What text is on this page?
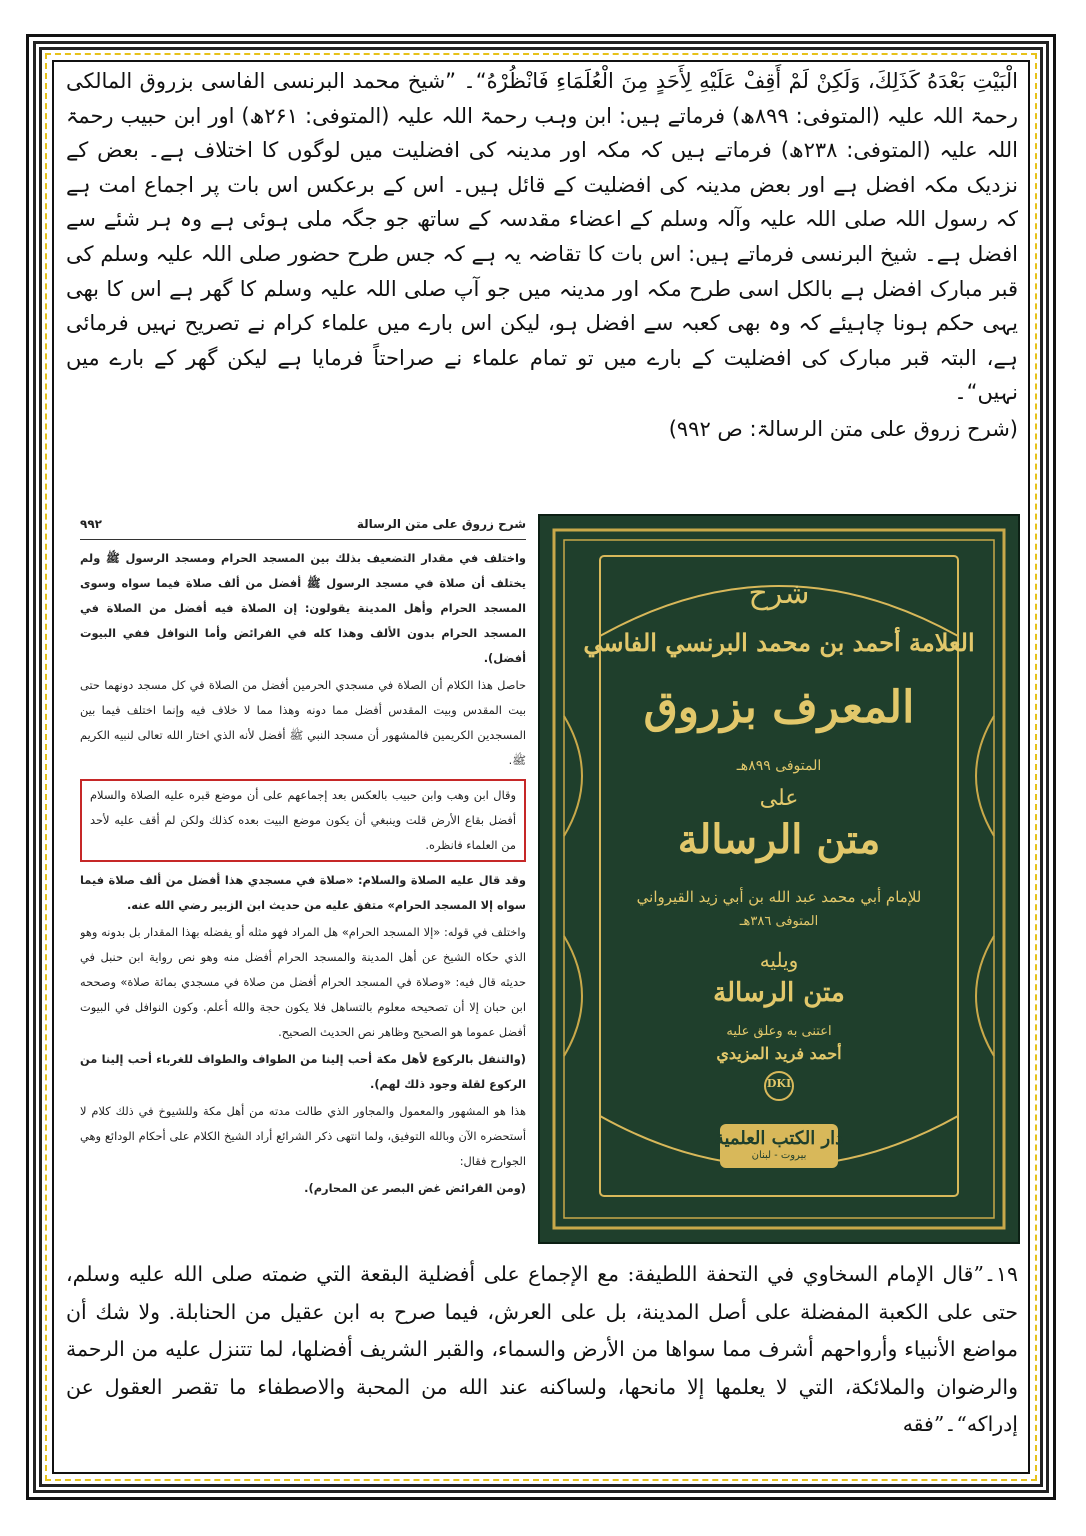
الْبَيْتِ بَعْدَهُ كَذَلِكَ، وَلَكِنْ لَمْ أَقِفْ عَلَيْهِ لِأَحَدٍ مِنَ الْعُلَمَاءِ فَانْظُرْهُ“۔ ”شیخ محمد البرنسی الفاسی بزروق المالکی رحمۃ اللہ علیہ (المتوفی: ۸۹۹ھ) فرماتے ہیں: ابن وہب رحمۃ اللہ علیہ (المتوفی: ۲۶۱ھ) اور ابن حبیب رحمۃ اللہ علیہ (المتوفی: ۲۳۸ھ) فرماتے ہیں کہ مکہ اور مدینہ کی افضلیت میں لوگوں کا اختلاف ہے۔ بعض کے نزدیک مکہ افضل ہے اور بعض مدینہ کی افضلیت کے قائل ہیں۔ اس کے برعکس اس بات پر اجماع امت ہے کہ رسول اللہ صلی اللہ علیہ وآلہ وسلم کے اعضاء مقدسہ کے ساتھ جو جگہ ملی ہوئی ہے وہ ہر شئے سے افضل ہے۔ شیخ البرنسی فرماتے ہیں: اس بات کا تقاضہ یہ ہے کہ جس طرح حضور صلی اللہ علیہ وسلم کی قبر مبارک افضل ہے بالکل اسی طرح مکہ اور مدینہ میں جو آپ صلی اللہ علیہ وسلم کا گھر ہے اس کا بھی یہی حکم ہونا چاہیئے کہ وہ بھی کعبہ سے افضل ہو، لیکن اس بارے میں علماء کرام نے تصریح نہیں فرمائی ہے، البتہ قبر مبارک کی افضلیت کے بارے میں تو تمام علماء نے صراحتاً فرمایا ہے لیکن گھر کے بارے میں نہیں“۔

(شرح زروق علی متن الرسالۃ: ص ۹۹۲)

شرح زروق على متن الرسالة
٩٩٢

واختلف في مقدار التضعيف بذلك بين المسجد الحرام ومسجد الرسول ﷺ ولم يختلف أن صلاة في مسجد الرسول ﷺ أفضل من ألف صلاة فيما سواه وسوى المسجد الحرام وأهل المدينة يقولون: إن الصلاة فيه أفضل من الصلاة في المسجد الحرام بدون الألف وهذا كله في الفرائض وأما النوافل ففي البيوت أفضل).

حاصل هذا الكلام أن الصلاة في مسجدي الحرمين أفضل من الصلاة في كل مسجد دونهما حتى بيت المقدس وبيت المقدس أفضل مما دونه وهذا مما لا خلاف فيه وإنما اختلف فيما بين المسجدين الكريمين فالمشهور أن مسجد النبي ﷺ أفضل لأنه الذي اختار الله تعالى لنبيه الكريم ﷺ.

وقال ابن وهب وابن حبيب بالعكس بعد إجماعهم على أن موضع قبره عليه الصلاة والسلام أفضل بقاع الأرض قلت وينبغي أن يكون موضع البيت بعده كذلك ولكن لم أقف عليه لأحد من العلماء فانظره.

وقد قال عليه الصلاة والسلام: «صلاة في مسجدي هذا أفضل من ألف صلاة فيما سواه إلا المسجد الحرام» متفق عليه من حديث ابن الزبير رضي الله عنه.

واختلف في قوله: «إلا المسجد الحرام» هل المراد فهو مثله أو يفضله بهذا المقدار بل بدونه وهو الذي حكاه الشيخ عن أهل المدينة والمسجد الحرام أفضل منه وهو نص رواية ابن حنبل في حديثه قال فيه: «وصلاة في المسجد الحرام أفضل من صلاة في مسجدي بمائة صلاة» وصححه ابن حبان إلا أن تصحيحه معلوم بالتساهل فلا يكون حجة والله أعلم. وكون النوافل في البيوت أفضل عموما هو الصحيح وظاهر نص الحديث الصحيح.

(والتنفل بالركوع لأهل مكة أحب إلينا من الطواف والطواف للغرباء أحب إلينا من الركوع لقلة وجود ذلك لهم).

هذا هو المشهور والمعمول والمجاور الذي طالت مدته من أهل مكة وللشيوخ في ذلك كلام لا أستحضره الآن وبالله التوفيق، ولما انتهى ذكر الشرائع أراد الشيخ الكلام على أحكام الودائع وهي الجوارح فقال:

(ومن الفرائض غض البصر عن المحارم).

شرح
العلامة أحمد بن محمد البرنسي الفاسي
المعرف بزروق
المتوفى ٨٩٩هـ
على
متن الرسالة
للإمام أبي محمد عبد الله بن أبي زيد القيرواني
المتوفى ٣٨٦هـ
ويليه
متن الرسالة
اعتنى به وعلق عليه
أحمد فريد المزيدي
DKI
دار الكتب العلمية
بيروت - لبنان

١٩۔”قال الإمام السخاوي في التحفة اللطيفة: مع الإجماع على أفضلية البقعة التي ضمته صلى الله عليه وسلم، حتى على الكعبة المفضلة على أصل المدينة، بل على العرش، فيما صرح به ابن عقيل من الحنابلة. ولا شك أن مواضع الأنبياء وأرواحهم أشرف مما سواها من الأرض والسماء، والقبر الشريف أفضلها، لما تتنزل عليه من الرحمة والرضوان والملائكة، التي لا يعلمها إلا مانحها، ولساكنه عند الله من المحبة والاصطفاء ما تقصر العقول عن إدراكه“۔”فقه
